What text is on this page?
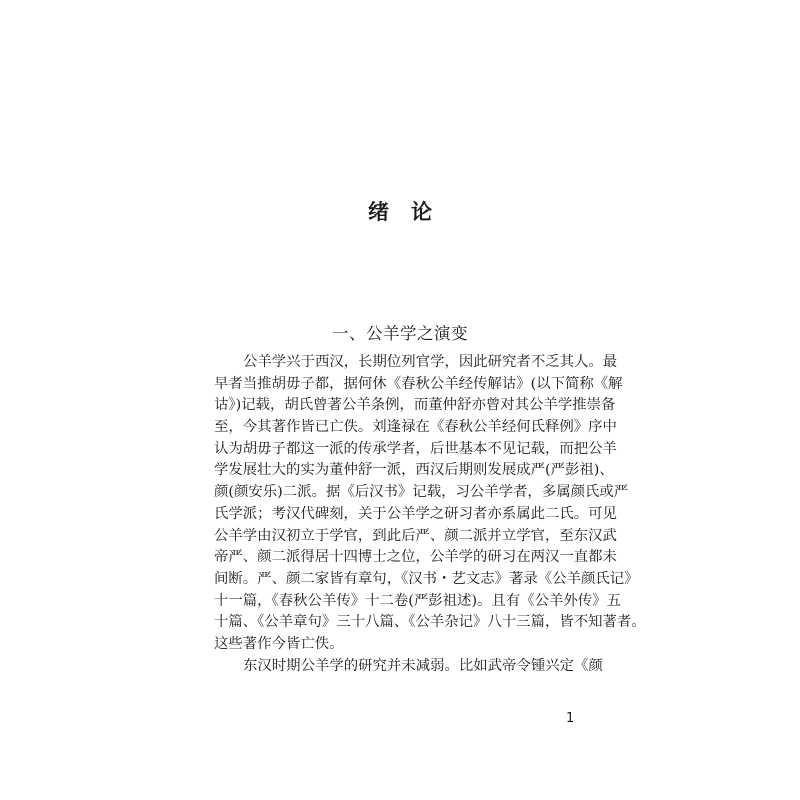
绪论
一、公羊学之演变
公羊学兴于西汉，长期位列官学，因此研究者不乏其人。最
早者当推胡毋子都，据何休《春秋公羊经传解诂》(以下简称《解
诂》)记载，胡氏曾著公羊条例，而董仲舒亦曾对其公羊学推崇备
至，今其著作皆已亡佚。刘逢禄在《春秋公羊经何氏释例》序中
认为胡毋子都这一派的传承学者，后世基本不见记载，而把公羊
学发展壮大的实为董仲舒一派，西汉后期则发展成严(严彭祖)、
颜(颜安乐)二派。据《后汉书》记载，习公羊学者，多属颜氏或严
氏学派；考汉代碑刻，关于公羊学之研习者亦系属此二氏。可见
公羊学由汉初立于学官，到此后严、颜二派并立学官，至东汉武
帝严、颜二派得居十四博士之位，公羊学的研习在两汉一直都未
间断。严、颜二家皆有章句，《汉书・艺文志》著录《公羊颜氏记》
十一篇，《春秋公羊传》十二卷(严彭祖述)。且有《公羊外传》五
十篇、《公羊章句》三十八篇、《公羊杂记》八十三篇，皆不知著者。
这些著作今皆亡佚。
东汉时期公羊学的研究并未减弱。比如武帝令锺兴定《颜
1
